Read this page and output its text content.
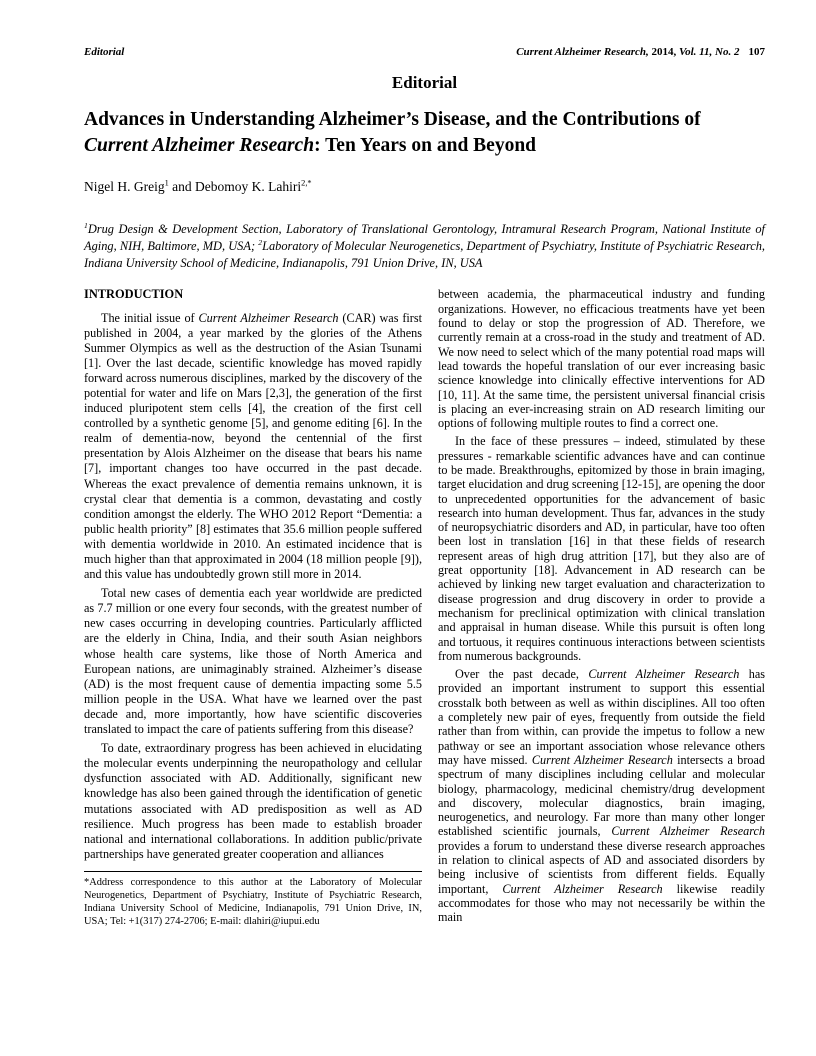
Editorial	Current Alzheimer Research, 2014, Vol. 11, No. 2 107
Editorial
Advances in Understanding Alzheimer’s Disease, and the Contributions of
Current Alzheimer Research: Ten Years on and Beyond
Nigel H. Greig$^1$ and Debomoy K. Lahiri$^{2,*}$
$^1$Drug Design & Development Section, Laboratory of Translational Gerontology, Intramural Research Program, National Institute of Aging, NIH, Baltimore, MD, USA; $^2$Laboratory of Molecular Neurogenetics, Department of Psychiatry, Institute of Psychiatric Research, Indiana University School of Medicine, Indianapolis, 791 Union Drive, IN, USA
INTRODUCTION

The initial issue of Current Alzheimer Research (CAR) was first published in 2004, a year marked by the glories of the Athens Summer Olympics as well as the destruction of the Asian Tsunami [1]. Over the last decade, scientific knowledge has moved rapidly forward across numerous disciplines, marked by the discovery of the potential for water and life on Mars [2,3], the generation of the first induced pluripotent stem cells [4], the creation of the first cell controlled by a synthetic genome [5], and genome editing [6]. In the realm of dementia-now, beyond the centennial of the first presentation by Alois Alzheimer on the disease that bears his name [7], important changes too have occurred in the past decade. Whereas the exact prevalence of dementia remains unknown, it is crystal clear that dementia is a common, devastating and costly condition amongst the elderly. The WHO 2012 Report “Dementia: a public health priority” [8] estimates that 35.6 million people suffered with dementia worldwide in 2010. An estimated incidence that is much higher than that approximated in 2004 (18 million people [9]), and this value has undoubtedly grown still more in 2014.

Total new cases of dementia each year worldwide are predicted as 7.7 million or one every four seconds, with the greatest number of new cases occurring in developing countries. Particularly afflicted are the elderly in China, India, and their south Asian neighbors whose health care systems, like those of North America and European nations, are unimaginably strained. Alzheimer’s disease (AD) is the most frequent cause of dementia impacting some 5.5 million people in the USA. What have we learned over the past decade and, more importantly, how have scientific discoveries translated to impact the care of patients suffering from this disease?

To date, extraordinary progress has been achieved in elucidating the molecular events underpinning the neuropathology and cellular dysfunction associated with AD. Additionally, significant new knowledge has also been gained through the identification of genetic mutations associated with AD predisposition as well as AD resilience. Much progress has been made to establish broader national and international collaborations. In addition public/private partnerships have generated greater cooperation and alliances

*Address correspondence to this author at the Laboratory of Molecular Neurogenetics, Department of Psychiatry, Institute of Psychiatric Research, Indiana University School of Medicine, Indianapolis, 791 Union Drive, IN, USA; Tel: +1(317) 274-2706; E-mail: dlahiri@iupui.edu

between academia, the pharmaceutical industry and funding organizations. However, no efficacious treatments have yet been found to delay or stop the progression of AD. Therefore, we currently remain at a cross-road in the study and treatment of AD. We now need to select which of the many potential road maps will lead towards the hopeful translation of our ever increasing basic science knowledge into clinically effective interventions for AD [10, 11]. At the same time, the persistent universal financial crisis is placing an ever-increasing strain on AD research limiting our options of following multiple routes to find a correct one.

In the face of these pressures – indeed, stimulated by these pressures - remarkable scientific advances have and can continue to be made. Breakthroughs, epitomized by those in brain imaging, target elucidation and drug screening [12-15], are opening the door to unprecedented opportunities for the advancement of basic research into human development. Thus far, advances in the study of neuropsychiatric disorders and AD, in particular, have too often been lost in translation [16] in that these fields of research represent areas of high drug attrition [17], but they also are of great opportunity [18]. Advancement in AD research can be achieved by linking new target evaluation and characterization to disease progression and drug discovery in order to provide a mechanism for preclinical optimization with clinical translation and appraisal in human disease. While this pursuit is often long and tortuous, it requires continuous interactions between scientists from numerous backgrounds.

Over the past decade, Current Alzheimer Research has provided an important instrument to support this essential crosstalk both between as well as within disciplines. All too often a completely new pair of eyes, frequently from outside the field rather than from within, can provide the impetus to follow a new pathway or see an important association whose relevance others may have missed. Current Alzheimer Research intersects a broad spectrum of many disciplines including cellular and molecular biology, pharmacology, medicinal chemistry/drug development and discovery, molecular diagnostics, brain imaging, neurogenetics, and neurology. Far more than many other longer established scientific journals, Current Alzheimer Research provides a forum to understand these diverse research approaches in relation to clinical aspects of AD and associated disorders by being inclusive of scientists from different fields. Equally important, Current Alzheimer Research likewise readily accommodates for those who may not necessarily be within the main
